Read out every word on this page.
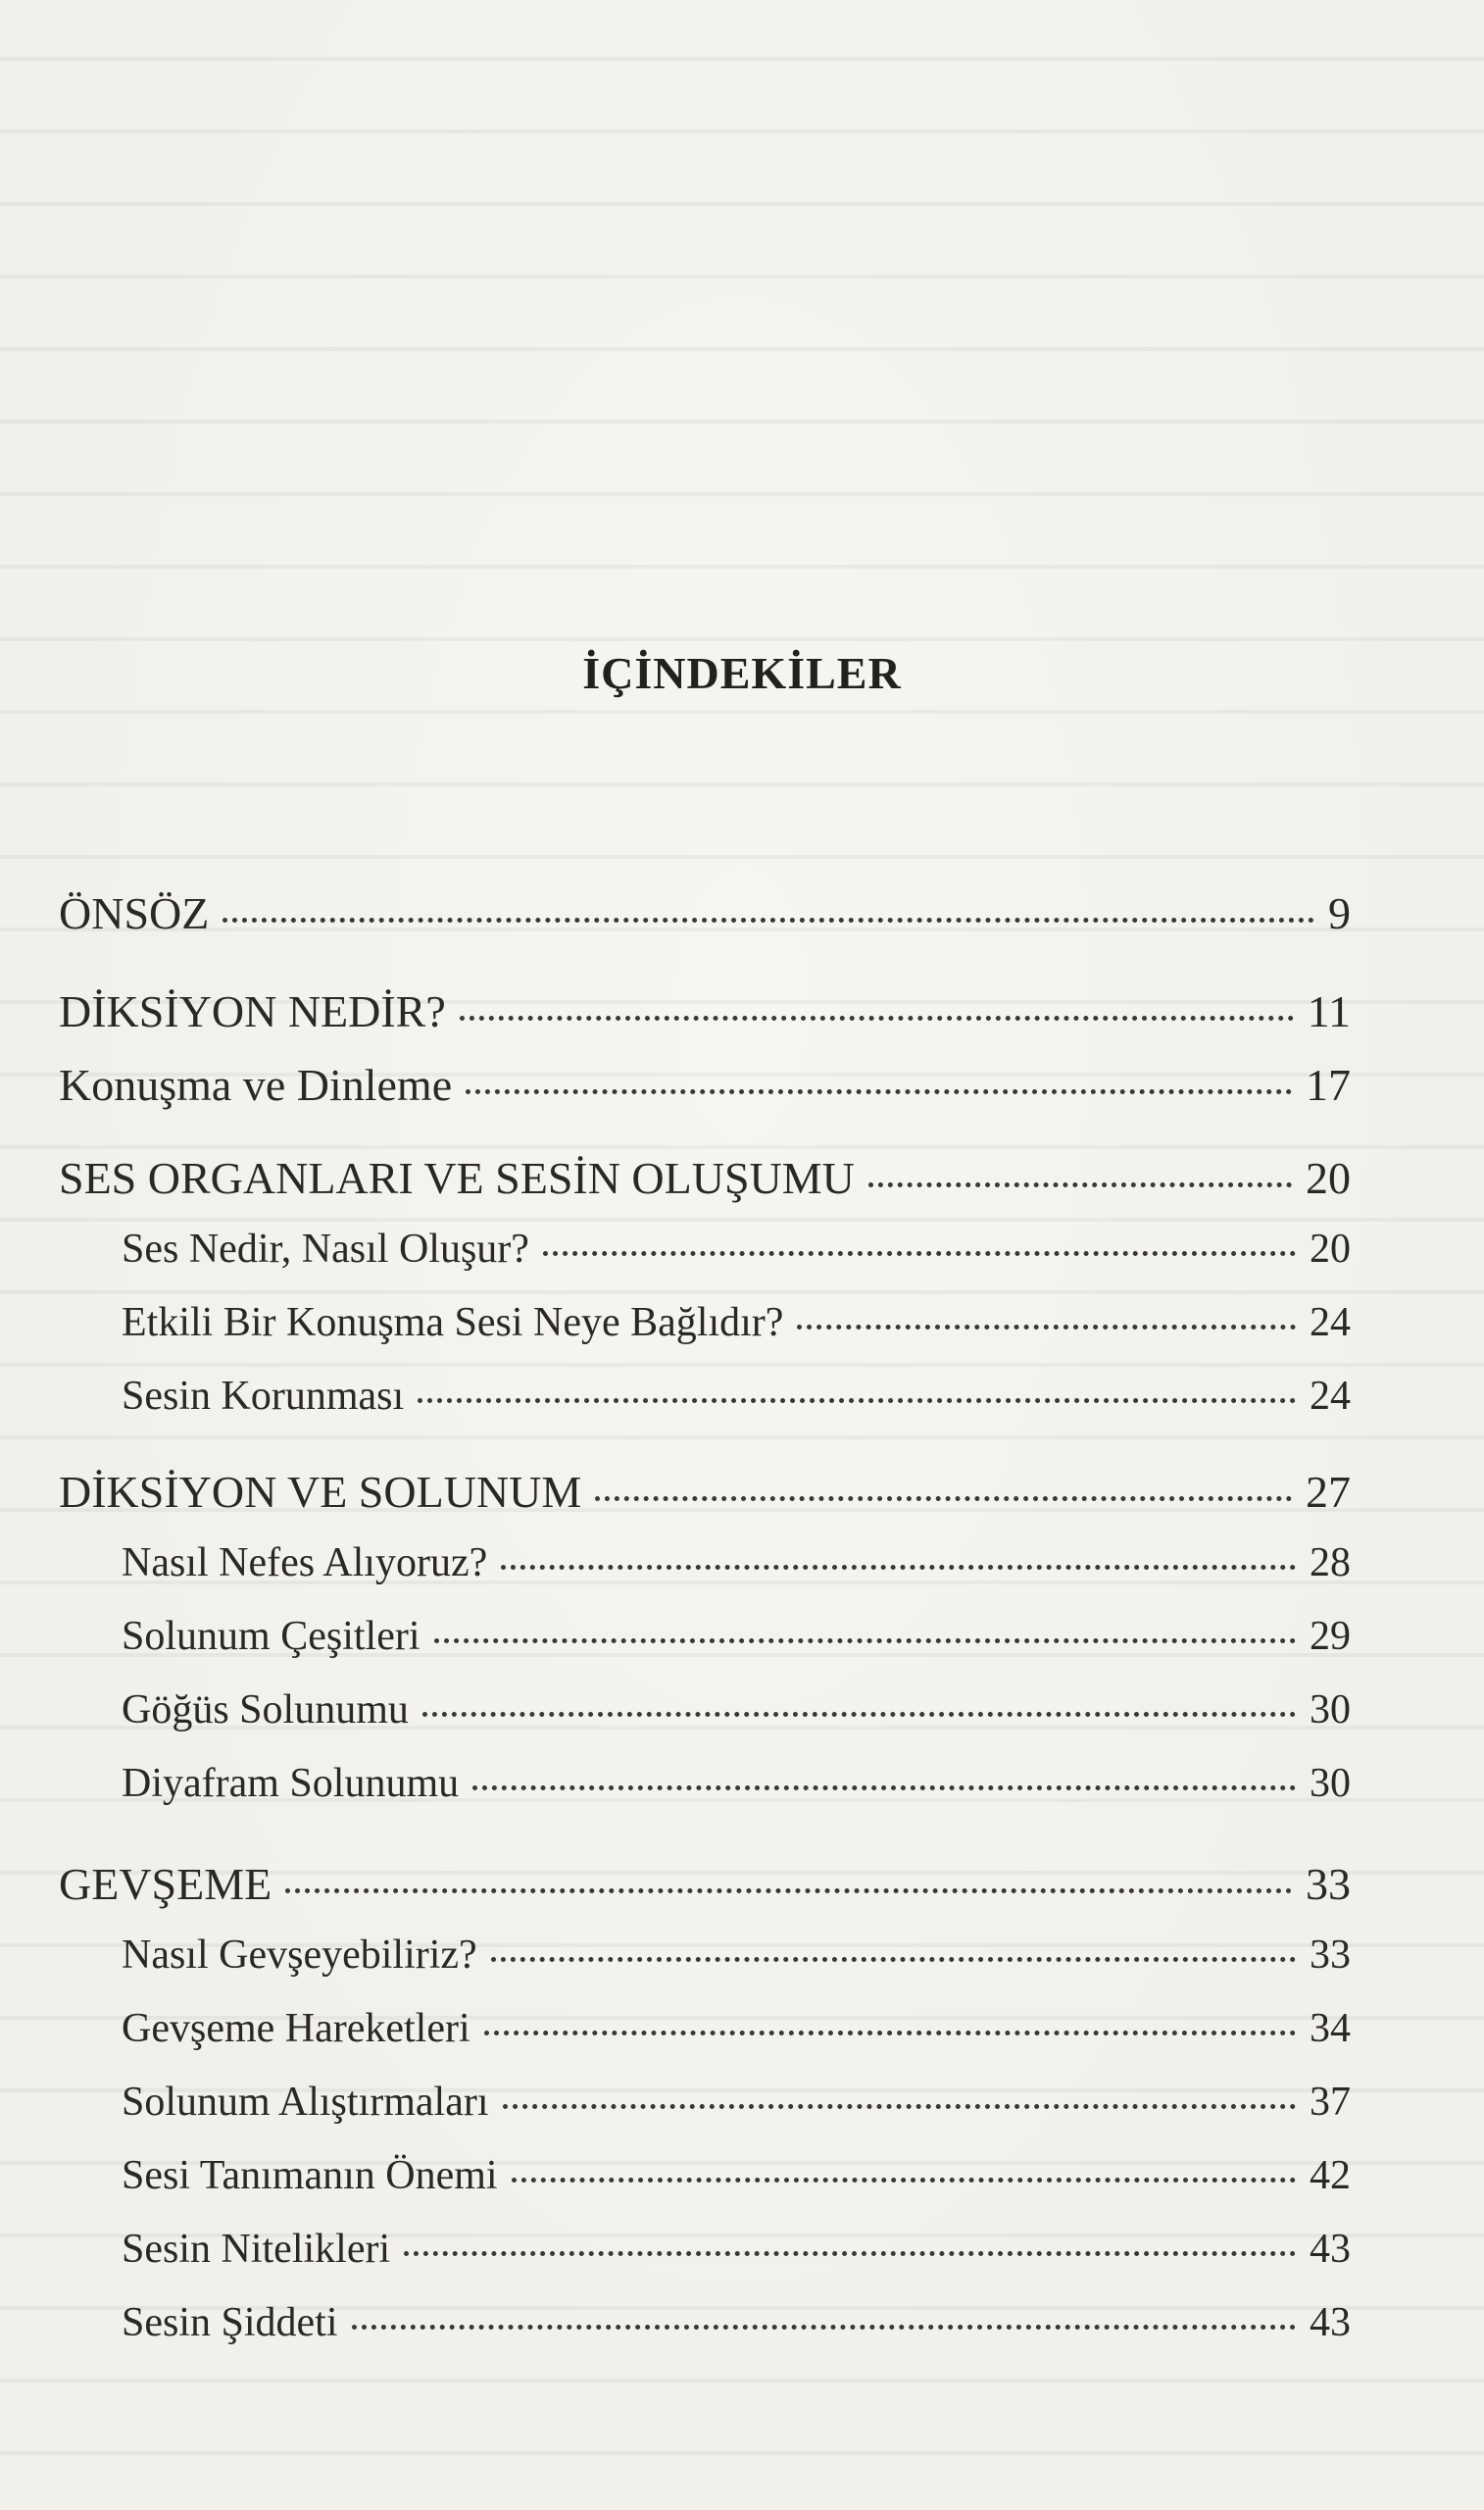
İÇİNDEKİLER
ÖNSÖZ	9
DİKSİYON NEDİR?	11
Konuşma ve Dinleme	17
SES ORGANLARI VE SESİN OLUŞUMU	20
Ses Nedir, Nasıl Oluşur?	20
Etkili Bir Konuşma Sesi Neye Bağlıdır?	24
Sesin Korunması	24
DİKSİYON VE SOLUNUM	27
Nasıl Nefes Alıyoruz?	28
Solunum Çeşitleri	29
Göğüs Solunumu	30
Diyafram Solunumu	30
GEVŞEME	33
Nasıl Gevşeyebiliriz?	33
Gevşeme Hareketleri	34
Solunum Alıştırmaları	37
Sesi Tanımanın Önemi	42
Sesin Nitelikleri	43
Sesin Şiddeti	43
